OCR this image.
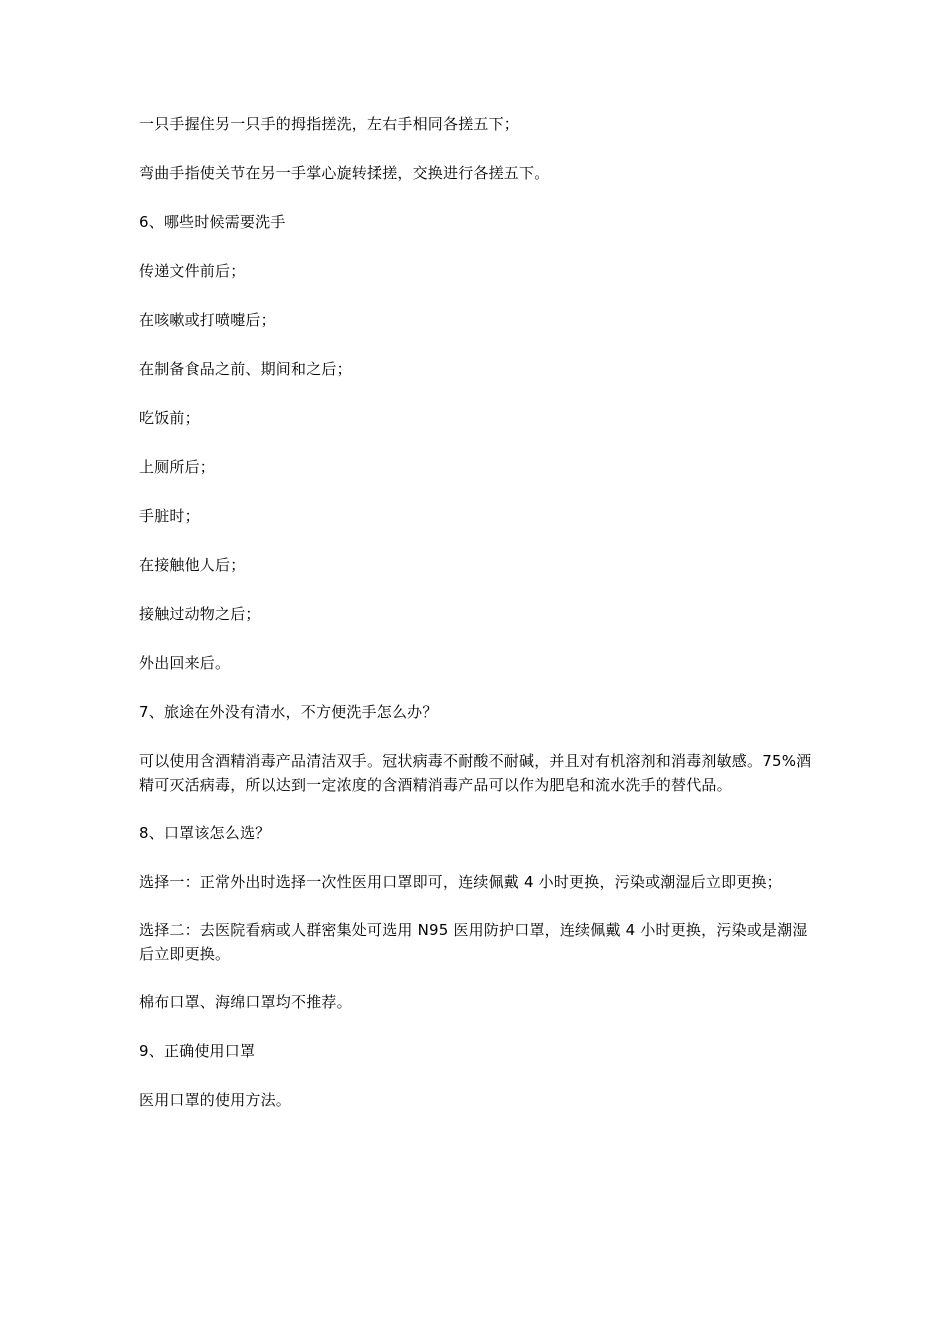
一只手握住另一只手的拇指搓洗，左右手相同各搓五下；

弯曲手指使关节在另一手掌心旋转揉搓，交换进行各搓五下。

6、哪些时候需要洗手

传递文件前后；

在咳嗽或打喷嚏后；

在制备食品之前、期间和之后；

吃饭前；

上厕所后；

手脏时；

在接触他人后；

接触过动物之后；

外出回来后。

7、旅途在外没有清水，不方便洗手怎么办？

可以使用含酒精消毒产品清洁双手。冠状病毒不耐酸不耐碱，并且对有机溶剂和消毒剂敏感。75%酒精可灭活病毒，所以达到一定浓度的含酒精消毒产品可以作为肥皂和流水洗手的替代品。

8、口罩该怎么选？

选择一：正常外出时选择一次性医用口罩即可，连续佩戴 4 小时更换，污染或潮湿后立即更换；

选择二：去医院看病或人群密集处可选用 N95 医用防护口罩，连续佩戴 4 小时更换，污染或是潮湿后立即更换。

棉布口罩、海绵口罩均不推荐。

9、正确使用口罩

医用口罩的使用方法。
